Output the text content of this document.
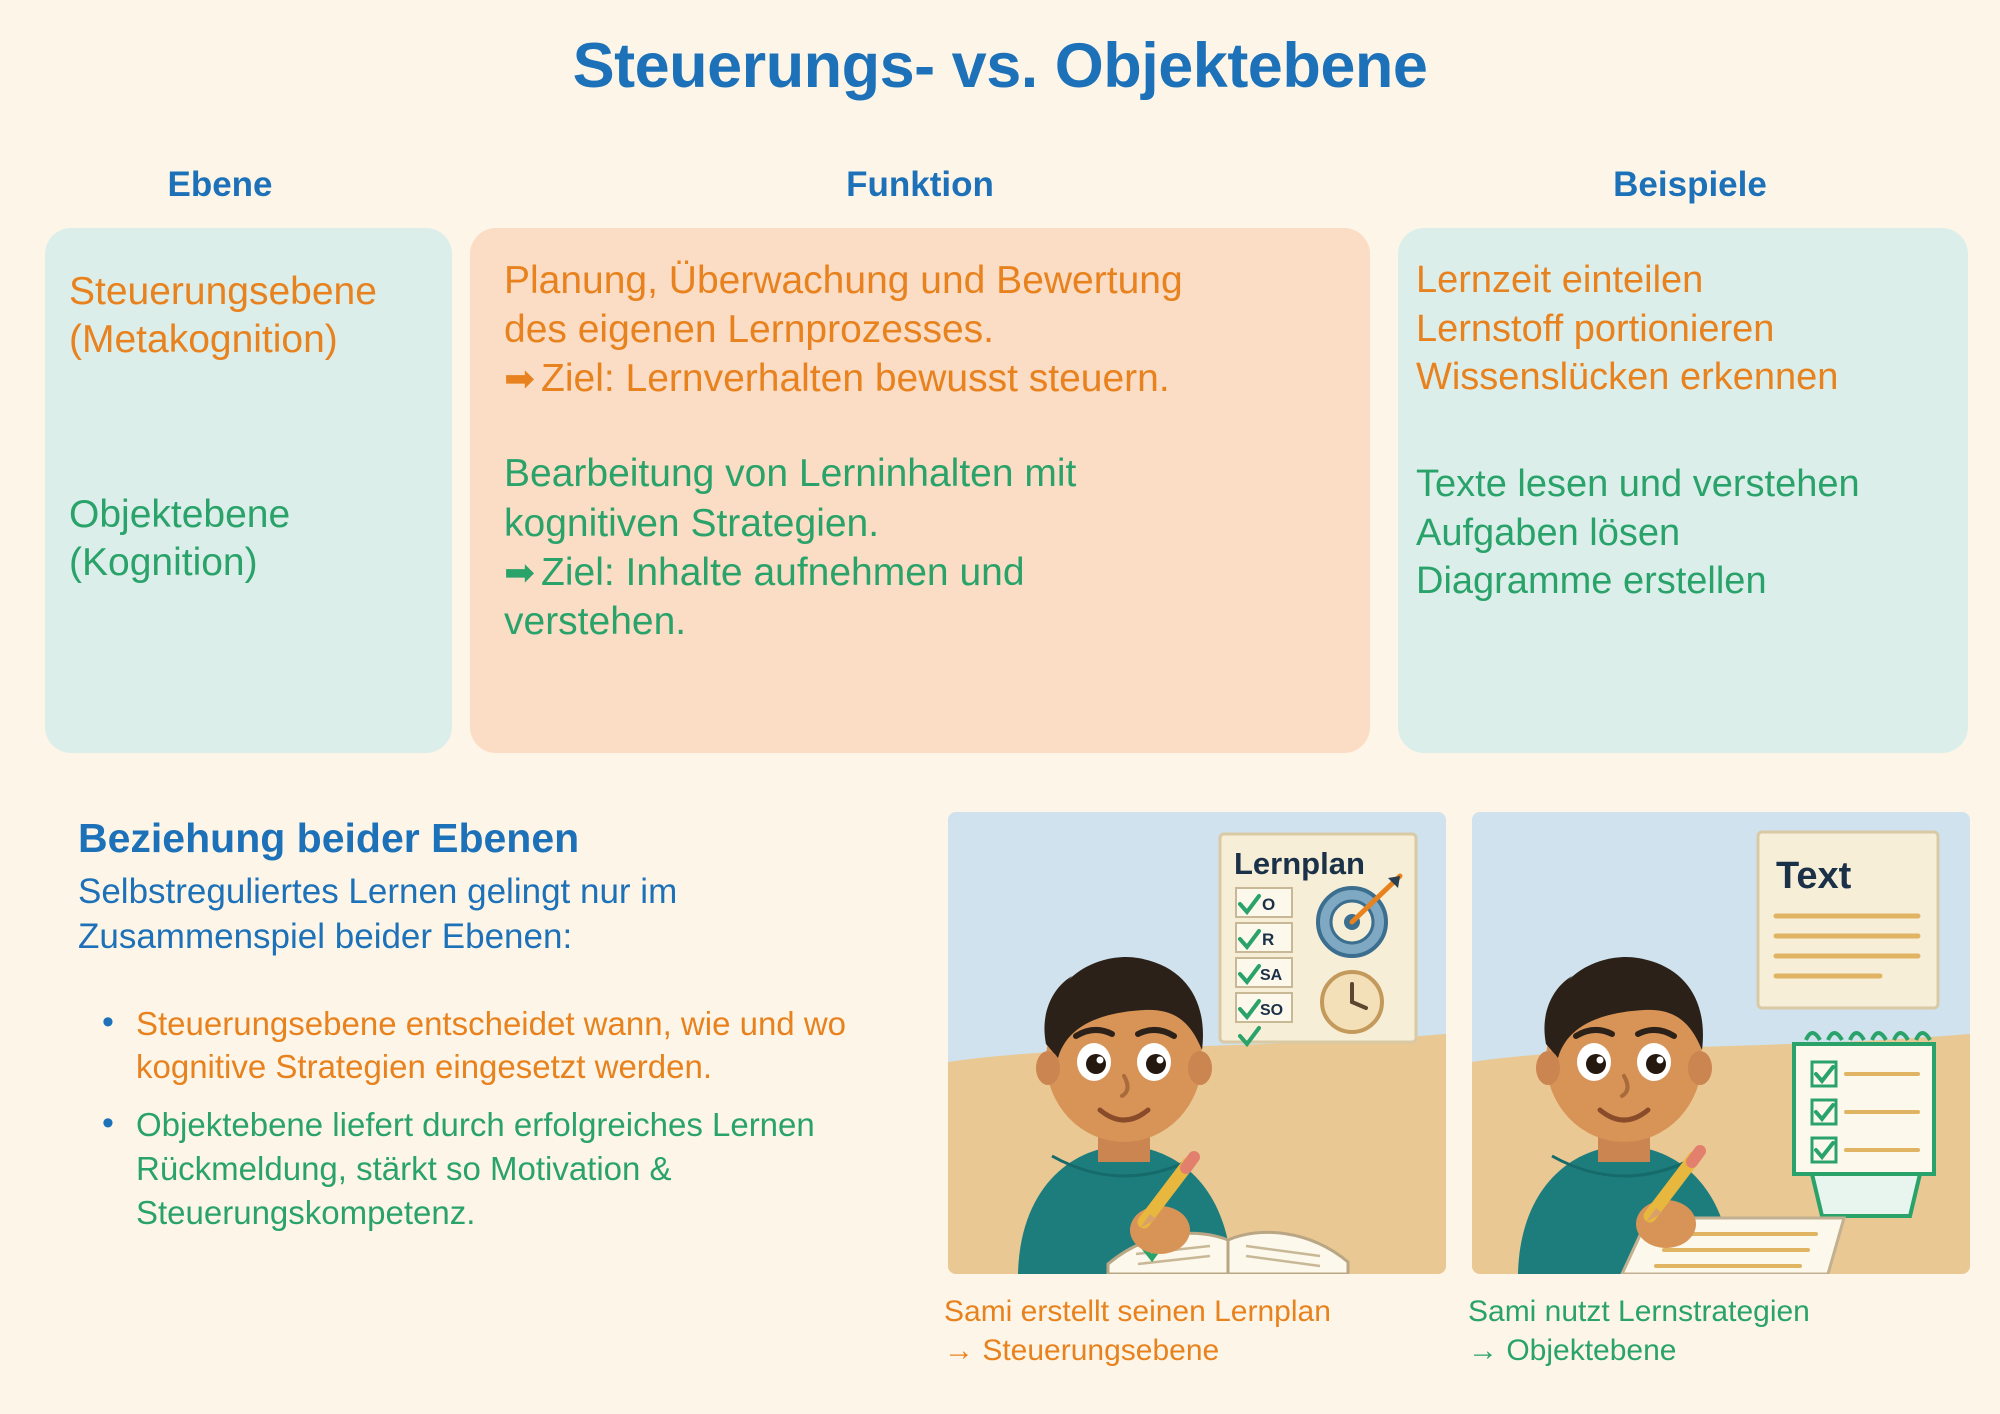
Steuerungs- vs. Objektebene
Ebene	Funktion	Beispiele
Steuerungsebene
(Metakognition)
Objektebene
(Kognition)
Planung, Überwachung und Bewertung
des eigenen Lernprozesses.
➡ Ziel: Lernverhalten bewusst steuern.
Bearbeitung von Lerninhalten mit
kognitiven Strategien.
➡ Ziel: Inhalte aufnehmen und
verstehen.
Lernzeit einteilen
Lernstoff portionieren
Wissenslücken erkennen
Texte lesen und verstehen
Aufgaben lösen
Diagramme erstellen
Beziehung beider Ebenen
Selbstreguliertes Lernen gelingt nur im
Zusammenspiel beider Ebenen:
• Steuerungsebene entscheidet wann, wie und wo kognitive Strategien eingesetzt werden.
• Objektebene liefert durch erfolgreiches Lernen Rückmeldung, stärkt so Motivation & Steuerungskompetenz.
Lernplan
O
R
SA
SO
Text
Sami erstellt seinen Lernplan
→ Steuerungsebene
Sami nutzt Lernstrategien
→ Objektebene
